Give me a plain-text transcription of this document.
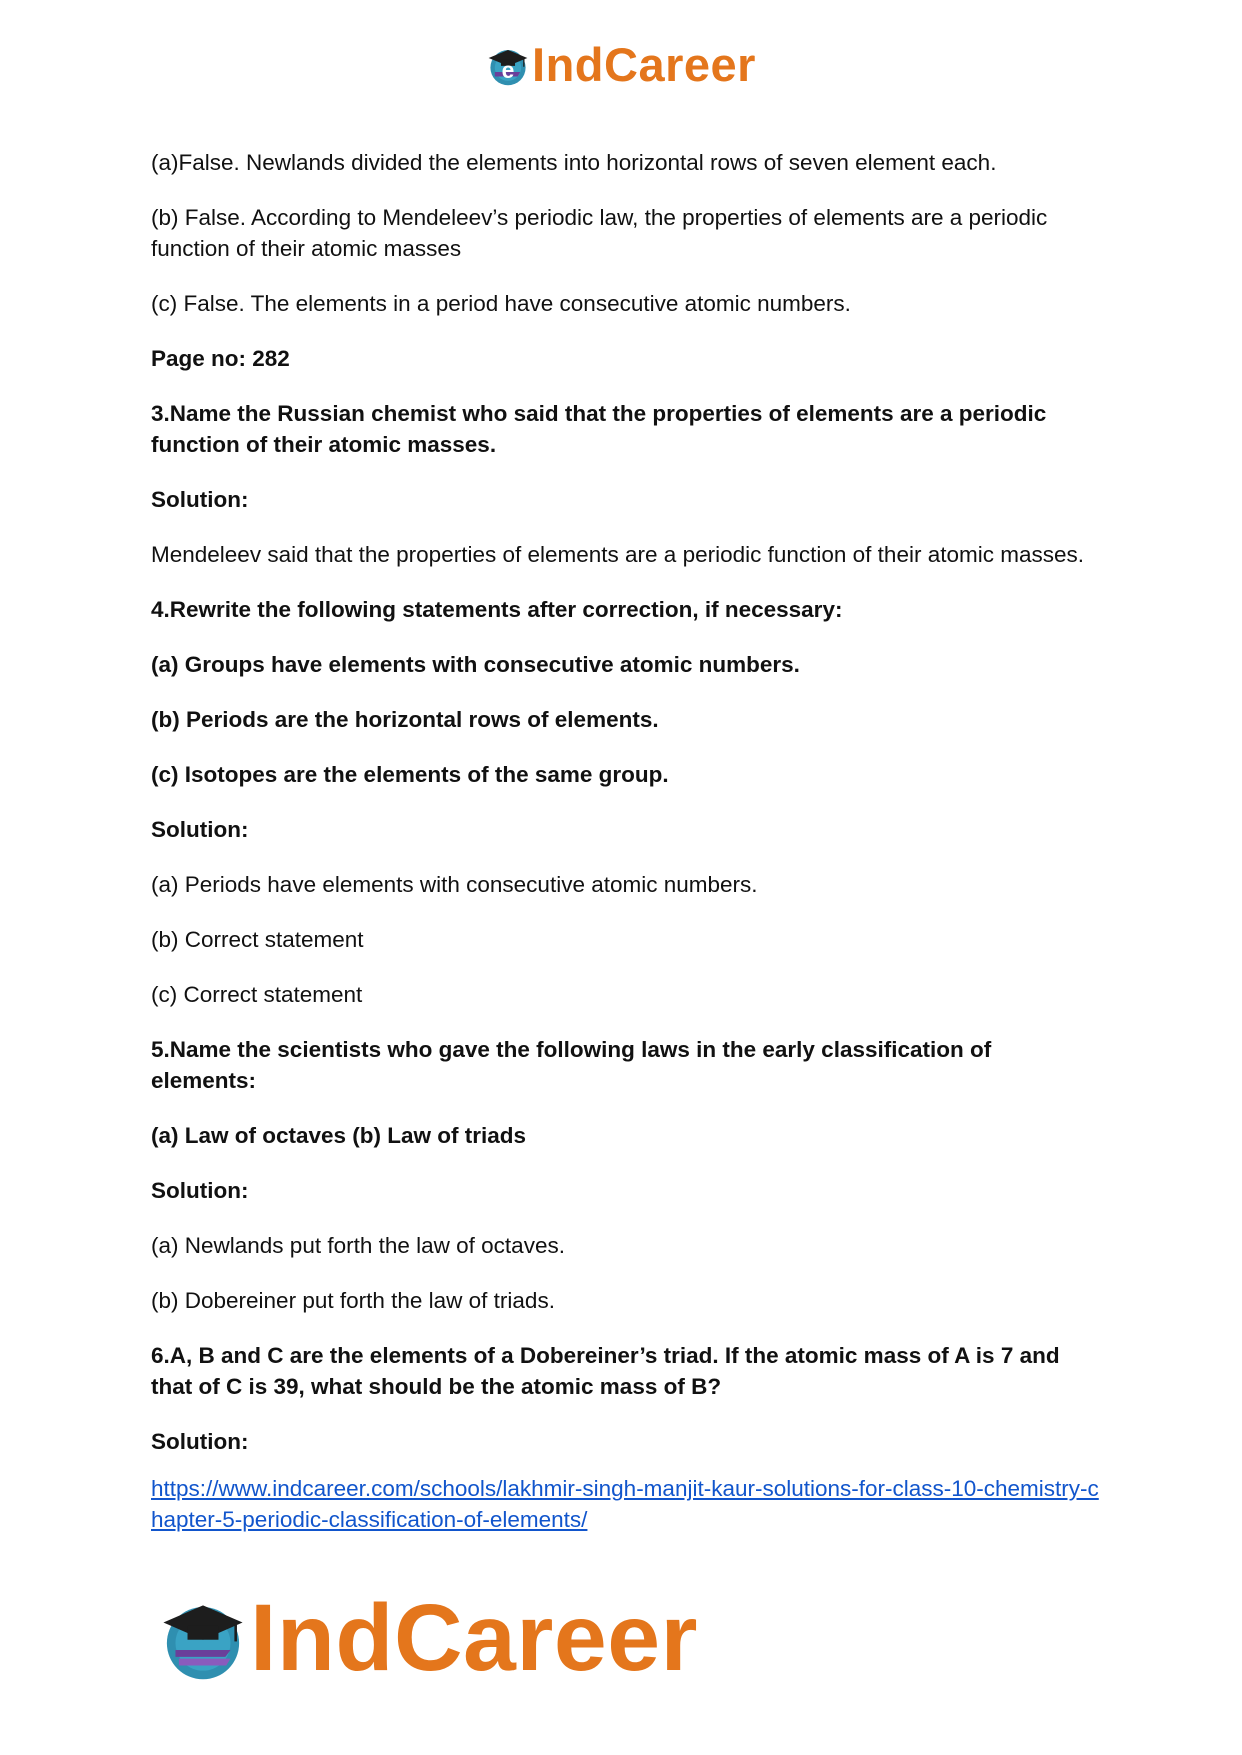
e IndCareer

(a)False. Newlands divided the elements into horizontal rows of seven element each.

(b) False. According to Mendeleev’s periodic law, the properties of elements are a periodic function of their atomic masses

(c) False. The elements in a period have consecutive atomic numbers.

Page no: 282

3.Name the Russian chemist who said that the properties of elements are a periodic function of their atomic masses.

Solution:

Mendeleev said that the properties of elements are a periodic function of their atomic masses.

4.Rewrite the following statements after correction, if necessary:

(a) Groups have elements with consecutive atomic numbers.

(b) Periods are the horizontal rows of elements.

(c) Isotopes are the elements of the same group.

Solution:

(a) Periods have elements with consecutive atomic numbers.

(b) Correct statement

(c) Correct statement

5.Name the scientists who gave the following laws in the early classification of elements:

(a) Law of octaves (b) Law of triads

Solution:

(a) Newlands put forth the law of octaves.

(b) Dobereiner put forth the law of triads.

6.A, B and C are the elements of a Dobereiner’s triad. If the atomic mass of A is 7 and that of C is 39, what should be the atomic mass of B?

Solution:

https://www.indcareer.com/schools/lakhmir-singh-manjit-kaur-solutions-for-class-10-chemistry-chapter-5-periodic-classification-of-elements/

IndCareer
